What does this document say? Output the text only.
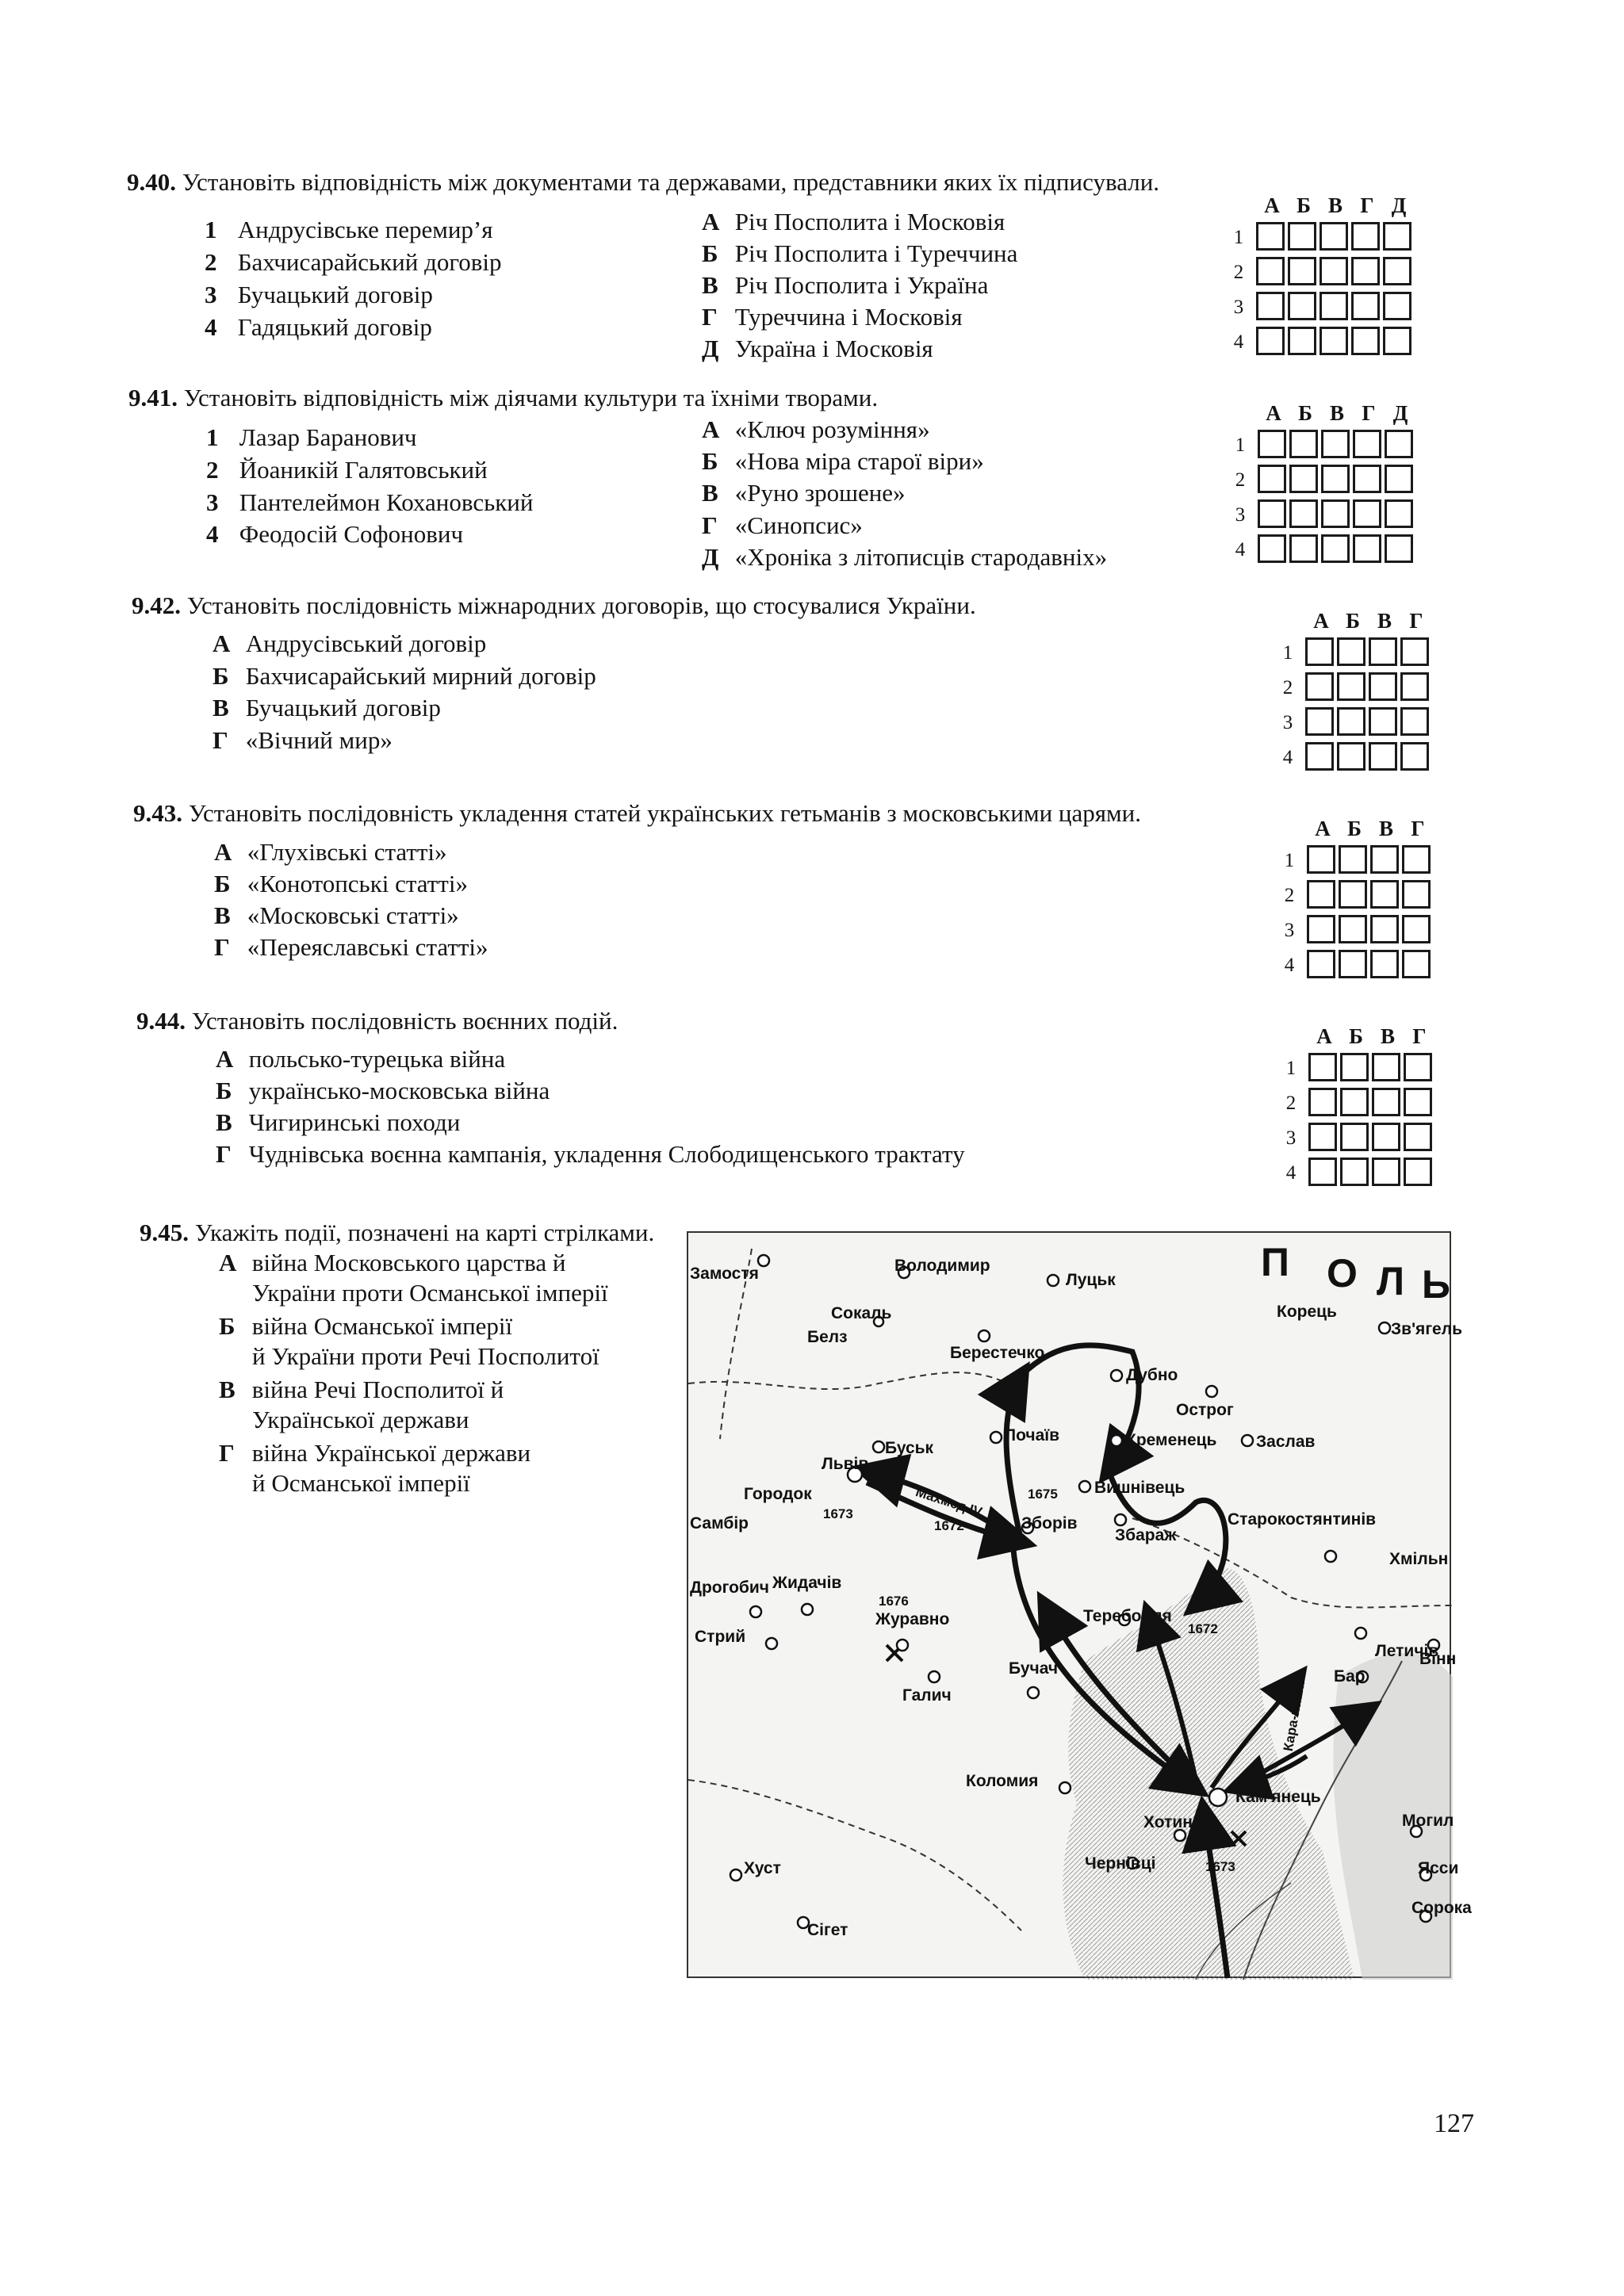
9.40. Установіть відповідність між документами та державами, представники яких їх підписували.
1 Андрусівське перемир’я
2 Бахчисарайський договір
3 Бучацький договір
4 Гадяцький договір
А Річ Посполита і Московія
Б Річ Посполита і Туреччина
В Річ Посполита і Україна
Г Туреччина і Московія
Д Україна і Московія
А Б В Г Д
1
2
3
4
9.41. Установіть відповідність між діячами культури та їхніми творами.
1 Лазар Баранович
2 Йоаникій Галятовський
3 Пантелеймон Кохановський
4 Феодосій Софонович
А «Ключ розуміння»
Б «Нова міра старої віри»
В «Руно зрошене»
Г «Синопсис»
Д «Хроніка з літописців стародавніх»
А Б В Г Д
1
2
3
4
9.42. Установіть послідовність міжнародних договорів, що стосувалися України.
А Андрусівський договір
Б Бахчисарайський мирний договір
В Бучацький договір
Г «Вічний мир»
А Б В Г
1
2
3
4
9.43. Установіть послідовність укладення статей українських гетьманів з московськими царями.
А «Глухівські статті»
Б «Конотопські статті»
В «Московські статті»
Г «Переяславські статті»
А Б В Г
1
2
3
4
9.44. Установіть послідовність воєнних подій.
А польсько-турецька війна
Б українсько-московська війна
В Чигиринські походи
Г Чуднівська воєнна кампанія, укладення Слободищенського трактату
А Б В Г
1
2
3
4
9.45. Укажіть події, позначені на карті стрілками.
А війна Московського царства й
України проти Османської імперії
Б війна Османської імперії
й України проти Речі Посполитої
В війна Речі Посполитої й
Української держави
Г війна Української держави
й Османської імперії
П О Л Ь
Замостя	Володимир
Луцьк
Корець
Зв'ягель
Сокаль
Белз
Берестечко
Дубно
Острог
Буськ
Почаїв	Кременець Заслав
Львів
Городок	Вишнівець
Збараж
Старокостянтинів
Зборів
Хмільн
Самбір
Дрогобич Жидачів
Журавно	Теребовля
Стрий
Галич
Бучач
Летичів
Бар
Вінн
Коломия
Кам'янець
Хотин	Могил
Чернівці	Ясси
Хуст
Сорока
Сігет
1675
1672
1673
1676
1673
1672
Махмед IV
Кара-паша
127
